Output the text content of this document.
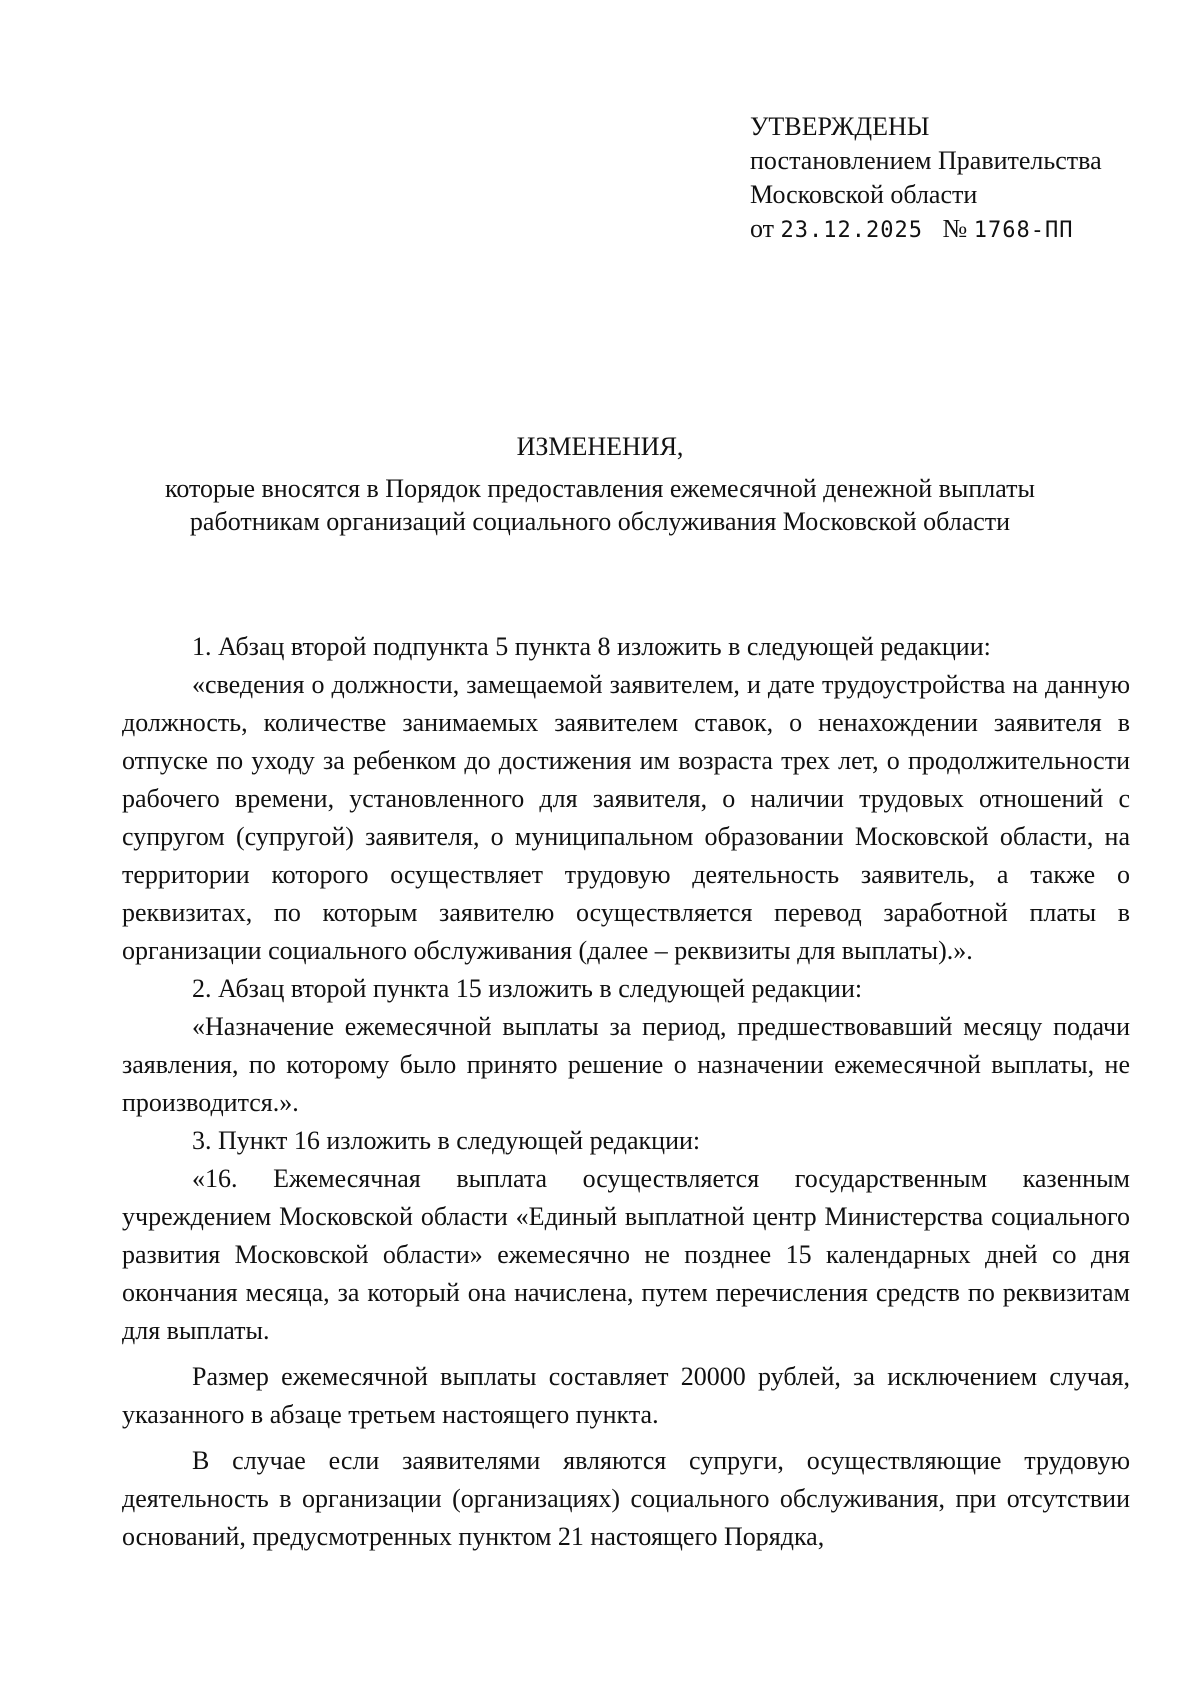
УТВЕРЖДЕНЫ
постановлением Правительства
Московской области
от 23.12.2025 № 1768-ПП
ИЗМЕНЕНИЯ,
которые вносятся в Порядок предоставления ежемесячной денежной выплаты
работникам организаций социального обслуживания Московской области

1. Абзац второй подпункта 5 пункта 8 изложить в следующей редакции:

«сведения о должности, замещаемой заявителем, и дате трудоустройства на данную должность, количестве занимаемых заявителем ставок, о ненахождении заявителя в отпуске по уходу за ребенком до достижения им возраста трех лет, о продолжительности рабочего времени, установленного для заявителя, о наличии трудовых отношений с супругом (супругой) заявителя, о муниципальном образовании Московской области, на территории которого осуществляет трудовую деятельность заявитель, а также о реквизитах, по которым заявителю осуществляется перевод заработной платы в организации социального обслуживания (далее – реквизиты для выплаты).».

2. Абзац второй пункта 15 изложить в следующей редакции:

«Назначение ежемесячной выплаты за период, предшествовавший месяцу подачи заявления, по которому было принято решение о назначении ежемесячной выплаты, не производится.».

3. Пункт 16 изложить в следующей редакции:

«16. Ежемесячная выплата осуществляется государственным казенным учреждением Московской области «Единый выплатной центр Министерства социального развития Московской области» ежемесячно не позднее 15 календарных дней со дня окончания месяца, за который она начислена, путем перечисления средств по реквизитам для выплаты.

Размер ежемесячной выплаты составляет 20000 рублей, за исключением случая, указанного в абзаце третьем настоящего пункта.

В случае если заявителями являются супруги, осуществляющие трудовую деятельность в организации (организациях) социального обслуживания, при отсутствии оснований, предусмотренных пунктом 21 настоящего Порядка,
